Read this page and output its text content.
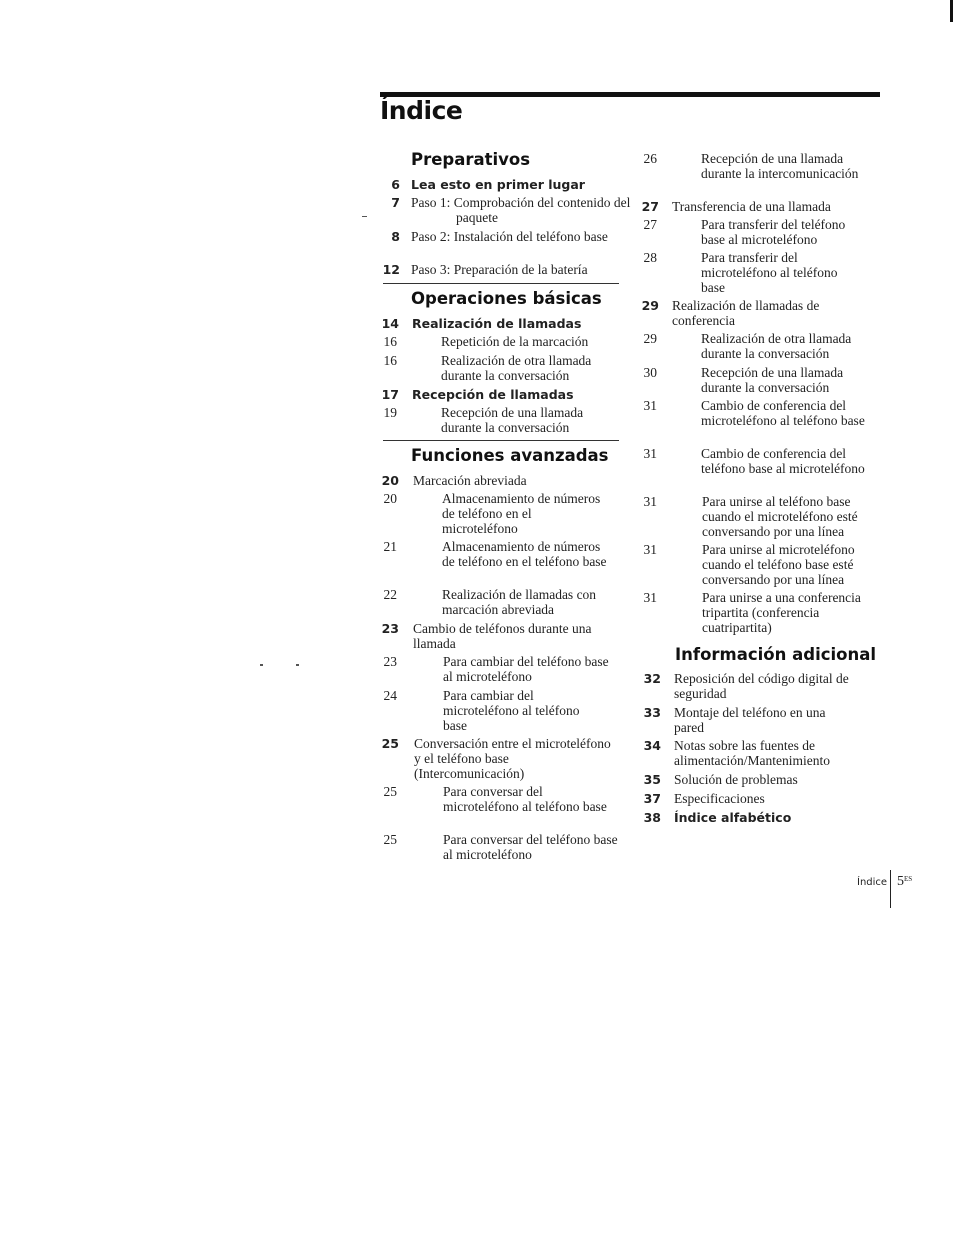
Índice
Preparativos
6 Lea esto en primer lugar
7 Paso 1: Comprobación del contenido del paquete
8 Paso 2: Instalación del teléfono base
12 Paso 3: Preparación de la batería
Operaciones básicas
14 Realización de llamadas
16	Repetición de la marcación
16	Realización de otra llamada durante la conversación
17 Recepción de llamadas
19	Recepción de una llamada durante la conversación
Funciones avanzadas
20 Marcación abreviada
20	Almacenamiento de números de teléfono en el microteléfono
21	Almacenamiento de números de teléfono en el teléfono base
22	Realización de llamadas con marcación abreviada
23 Cambio de teléfonos durante una llamada
23	Para cambiar del teléfono base al microteléfono
24	Para cambiar del microteléfono al teléfono base
25 Conversación entre el microteléfono y el teléfono base (Intercomunicación)
25	Para conversar del microteléfono al teléfono base
25	Para conversar del teléfono base al microteléfono
26	Recepción de una llamada durante la intercomunicación
27 Transferencia de una llamada
27	Para transferir del teléfono base al microteléfono
28	Para transferir del microteléfono al teléfono base
29 Realización de llamadas de conferencia
29	Realización de otra llamada durante la conversación
30	Recepción de una llamada durante la conversación
31	Cambio de conferencia del microteléfono al teléfono base
31	Cambio de conferencia del teléfono base al microteléfono
31	Para unirse al teléfono base cuando el microteléfono esté conversando por una línea
31	Para unirse al microteléfono cuando el teléfono base esté conversando por una línea
31	Para unirse a una conferencia tripartita (conferencia cuatripartita)
Información adicional
32 Reposición del código digital de seguridad
33 Montaje del teléfono en una pared
34 Notas sobre las fuentes de alimentación/Mantenimiento
35 Solución de problemas
37 Especificaciones
38 Índice alfabético
Índice $5^{ES}$
